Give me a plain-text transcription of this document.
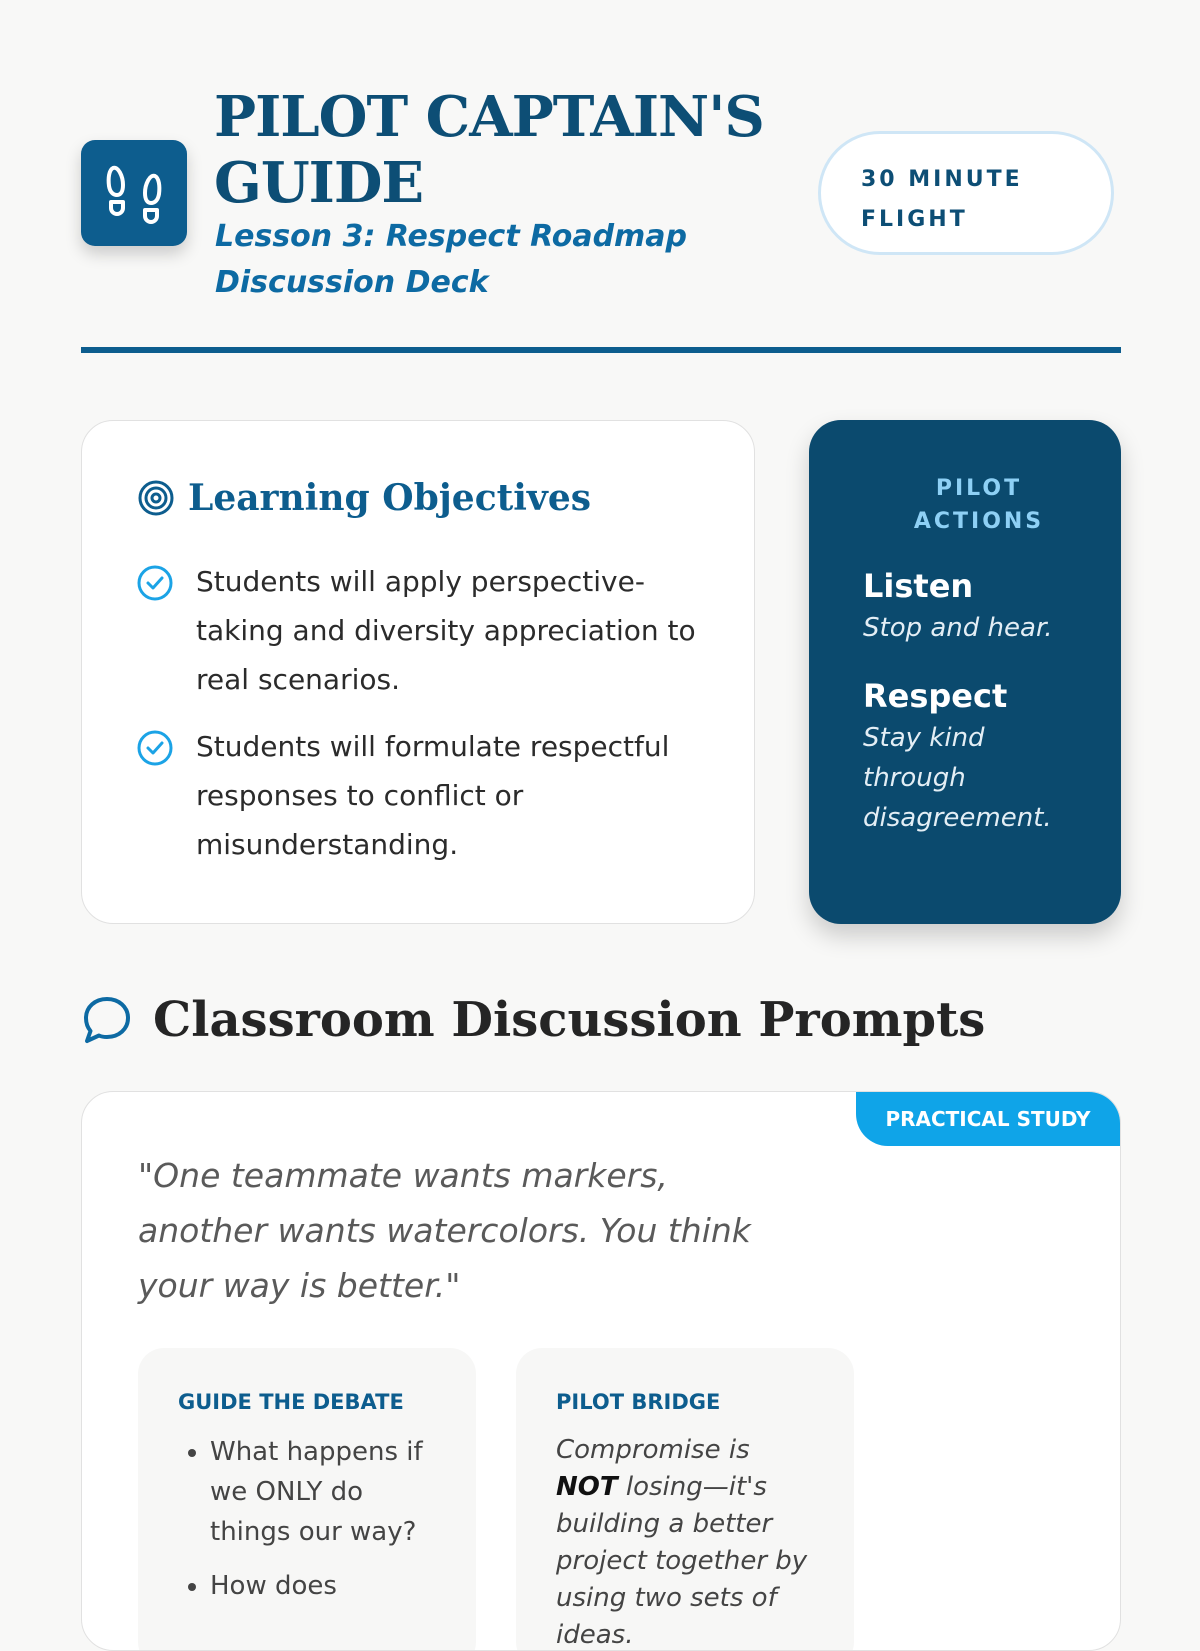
PILOT CAPTAIN'S GUIDE

Lesson 3: Respect Roadmap Discussion Deck

30 MINUTE FLIGHT
Learning Objectives
Students will apply perspective-taking and diversity appreciation to real scenarios.
Students will formulate respectful responses to conflict or misunderstanding.

PILOT ACTIONS

Listen

Stop and hear.

Respect

Stay kind through disagreement.

Classroom Discussion Prompts
PRACTICAL STUDY

"One teammate wants markers, another wants watercolors. You think your way is better."

GUIDE THE DEBATE

• What happens if we ONLY do things our way?
• How does

PILOT BRIDGE

Compromise is NOT losing—it's building a better project together by using two sets of ideas.
